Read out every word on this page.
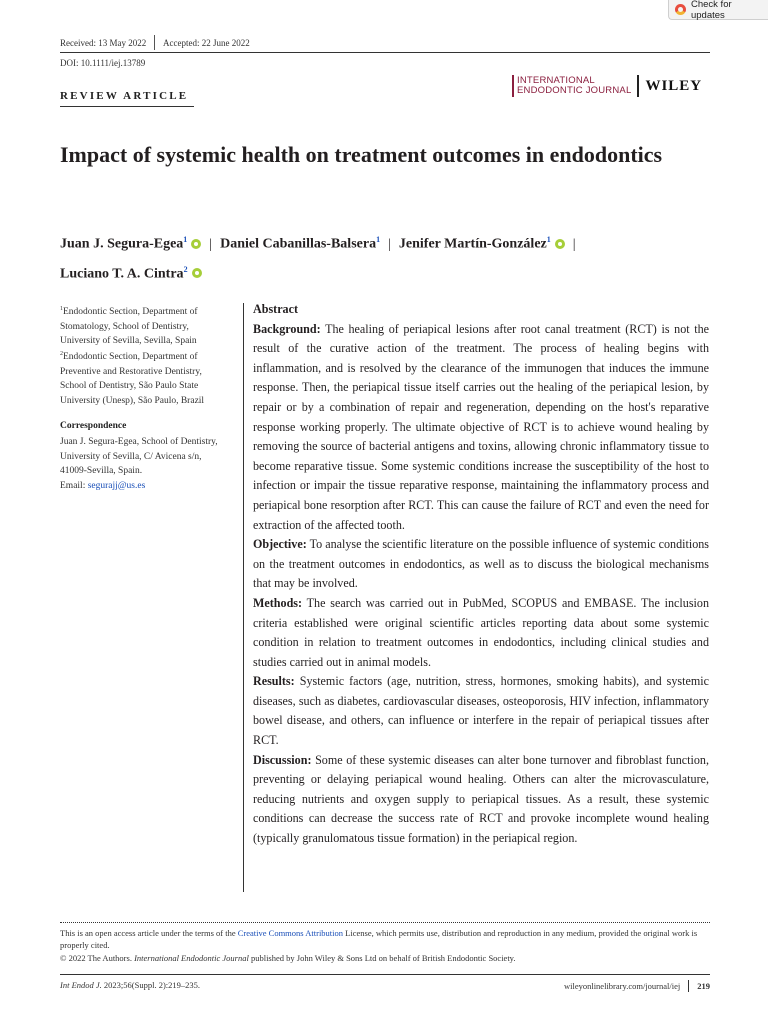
Check for updates
Received: 13 May 2022 Accepted: 22 June 2022
DOI: 10.1111/iej.13789
REVIEW ARTICLE
INTERNATIONAL
ENDODONTIC JOURNAL WILEY
Impact of systemic health on treatment outcomes in endodontics
Juan J. Segura-Egea$^1$ | Daniel Cabanillas-Balsera$^1$ | Jenifer Martín-González$^1$ |
Luciano T. A. Cintra$^2$
$^1$Endodontic Section, Department of Stomatology, School of Dentistry, University of Sevilla, Sevilla, Spain
$^2$Endodontic Section, Department of Preventive and Restorative Dentistry, School of Dentistry, São Paulo State University (Unesp), São Paulo, Brazil
Correspondence
Juan J. Segura-Egea, School of Dentistry, University of Sevilla, C/ Avicena s/n, 41009-Sevilla, Spain.
Email: segurajj@us.es
Abstract

Background: The healing of periapical lesions after root canal treatment (RCT) is not the result of the curative action of the treatment. The process of healing begins with inflammation, and is resolved by the clearance of the immunogen that induces the immune response. Then, the periapical tissue itself carries out the healing of the periapical lesion, by repair or by a combination of repair and regeneration, depending on the host's reparative response working properly. The ultimate objective of RCT is to achieve wound healing by removing the source of bacterial antigens and toxins, allowing chronic inflammatory tissue to become reparative tissue. Some systemic conditions increase the susceptibility of the host to infection or impair the tissue reparative response, maintaining the inflammatory process and periapical bone resorption after RCT. This can cause the failure of RCT and even the need for extraction of the affected tooth.

Objective: To analyse the scientific literature on the possible influence of systemic conditions on the treatment outcomes in endodontics, as well as to discuss the biological mechanisms that may be involved.

Methods: The search was carried out in PubMed, SCOPUS and EMBASE. The inclusion criteria established were original scientific articles reporting data about some systemic condition in relation to treatment outcomes in endodontics, including clinical studies and studies carried out in animal models.

Results: Systemic factors (age, nutrition, stress, hormones, smoking habits), and systemic diseases, such as diabetes, cardiovascular diseases, osteoporosis, HIV infection, inflammatory bowel disease, and others, can influence or interfere in the repair of periapical tissues after RCT.

Discussion: Some of these systemic diseases can alter bone turnover and fibroblast function, preventing or delaying periapical wound healing. Others can alter the microvasculature, reducing nutrients and oxygen supply to periapical tissues. As a result, these systemic conditions can decrease the success rate of RCT and provoke incomplete wound healing (typically granulomatous tissue formation) in the periapical region.

This is an open access article under the terms of the Creative Commons Attribution License, which permits use, distribution and reproduction in any medium, provided the original work is properly cited.
© 2022 The Authors. International Endodontic Journal published by John Wiley & Sons Ltd on behalf of British Endodontic Society.
Int Endod J. 2023;56(Suppl. 2):219–235.	wileyonlinelibrary.com/journal/iej 219
